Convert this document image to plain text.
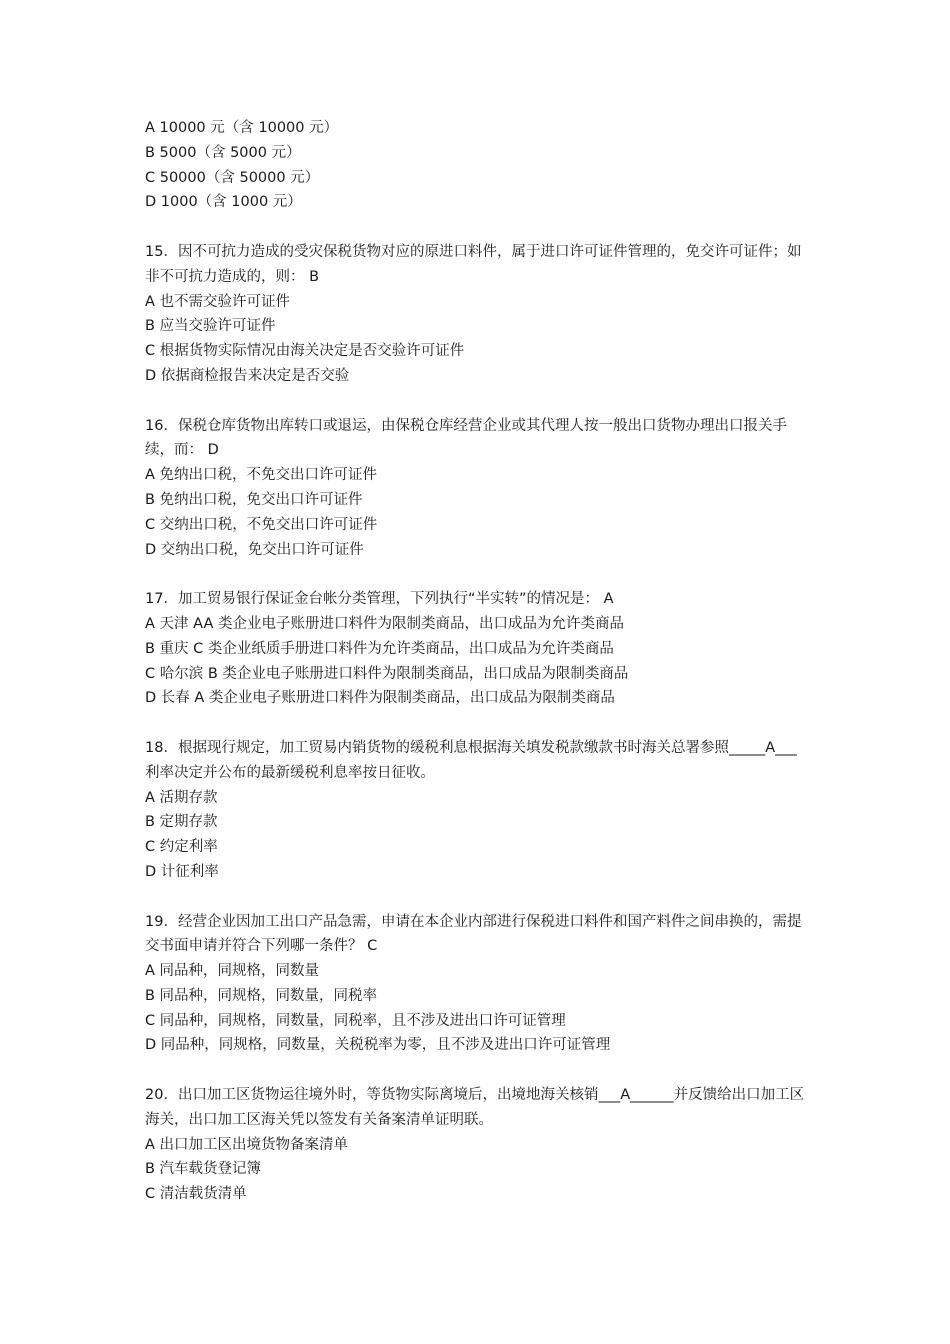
A 10000 元（含 10000 元）
B 5000（含 5000 元）
C 50000（含 50000 元）
D 1000（含 1000 元）

15．因不可抗力造成的受灾保税货物对应的原进口料件，属于进口许可证件管理的，免交许可证件；如非不可抗力造成的，则： B

A 也不需交验许可证件
B 应当交验许可证件
C 根据货物实际情况由海关决定是否交验许可证件
D 依据商检报告来决定是否交验

16．保税仓库货物出库转口或退运，由保税仓库经营企业或其代理人按一般出口货物办理出口报关手续，而： D

A 免纳出口税，不免交出口许可证件
B 免纳出口税，免交出口许可证件
C 交纳出口税，不免交出口许可证件
D 交纳出口税，免交出口许可证件

17．加工贸易银行保证金台帐分类管理，下列执行“半实转”的情况是： A

A 天津 AA 类企业电子账册进口料件为限制类商品，出口成品为允许类商品
B 重庆 C 类企业纸质手册进口料件为允许类商品，出口成品为允许类商品
C 哈尔滨 B 类企业电子账册进口料件为限制类商品，出口成品为限制类商品
D 长春 A 类企业电子账册进口料件为限制类商品，出口成品为限制类商品

18．根据现行规定，加工贸易内销货物的缓税利息根据海关填发税款缴款书时海关总署参照_____A___利率决定并公布的最新缓税利息率按日征收。

A 活期存款
B 定期存款
C 约定利率
D 计征利率

19．经营企业因加工出口产品急需，申请在本企业内部进行保税进口料件和国产料件之间串换的，需提交书面申请并符合下列哪一条件？ C

A 同品种，同规格，同数量
B 同品种，同规格，同数量，同税率
C 同品种，同规格，同数量，同税率，且不涉及进出口许可证管理
D 同品种，同规格，同数量，关税税率为零，且不涉及进出口许可证管理

20．出口加工区货物运往境外时，等货物实际离境后，出境地海关核销___A______并反馈给出口加工区海关，出口加工区海关凭以签发有关备案清单证明联。

A 出口加工区出境货物备案清单
B 汽车载货登记簿
C 清洁载货清单
